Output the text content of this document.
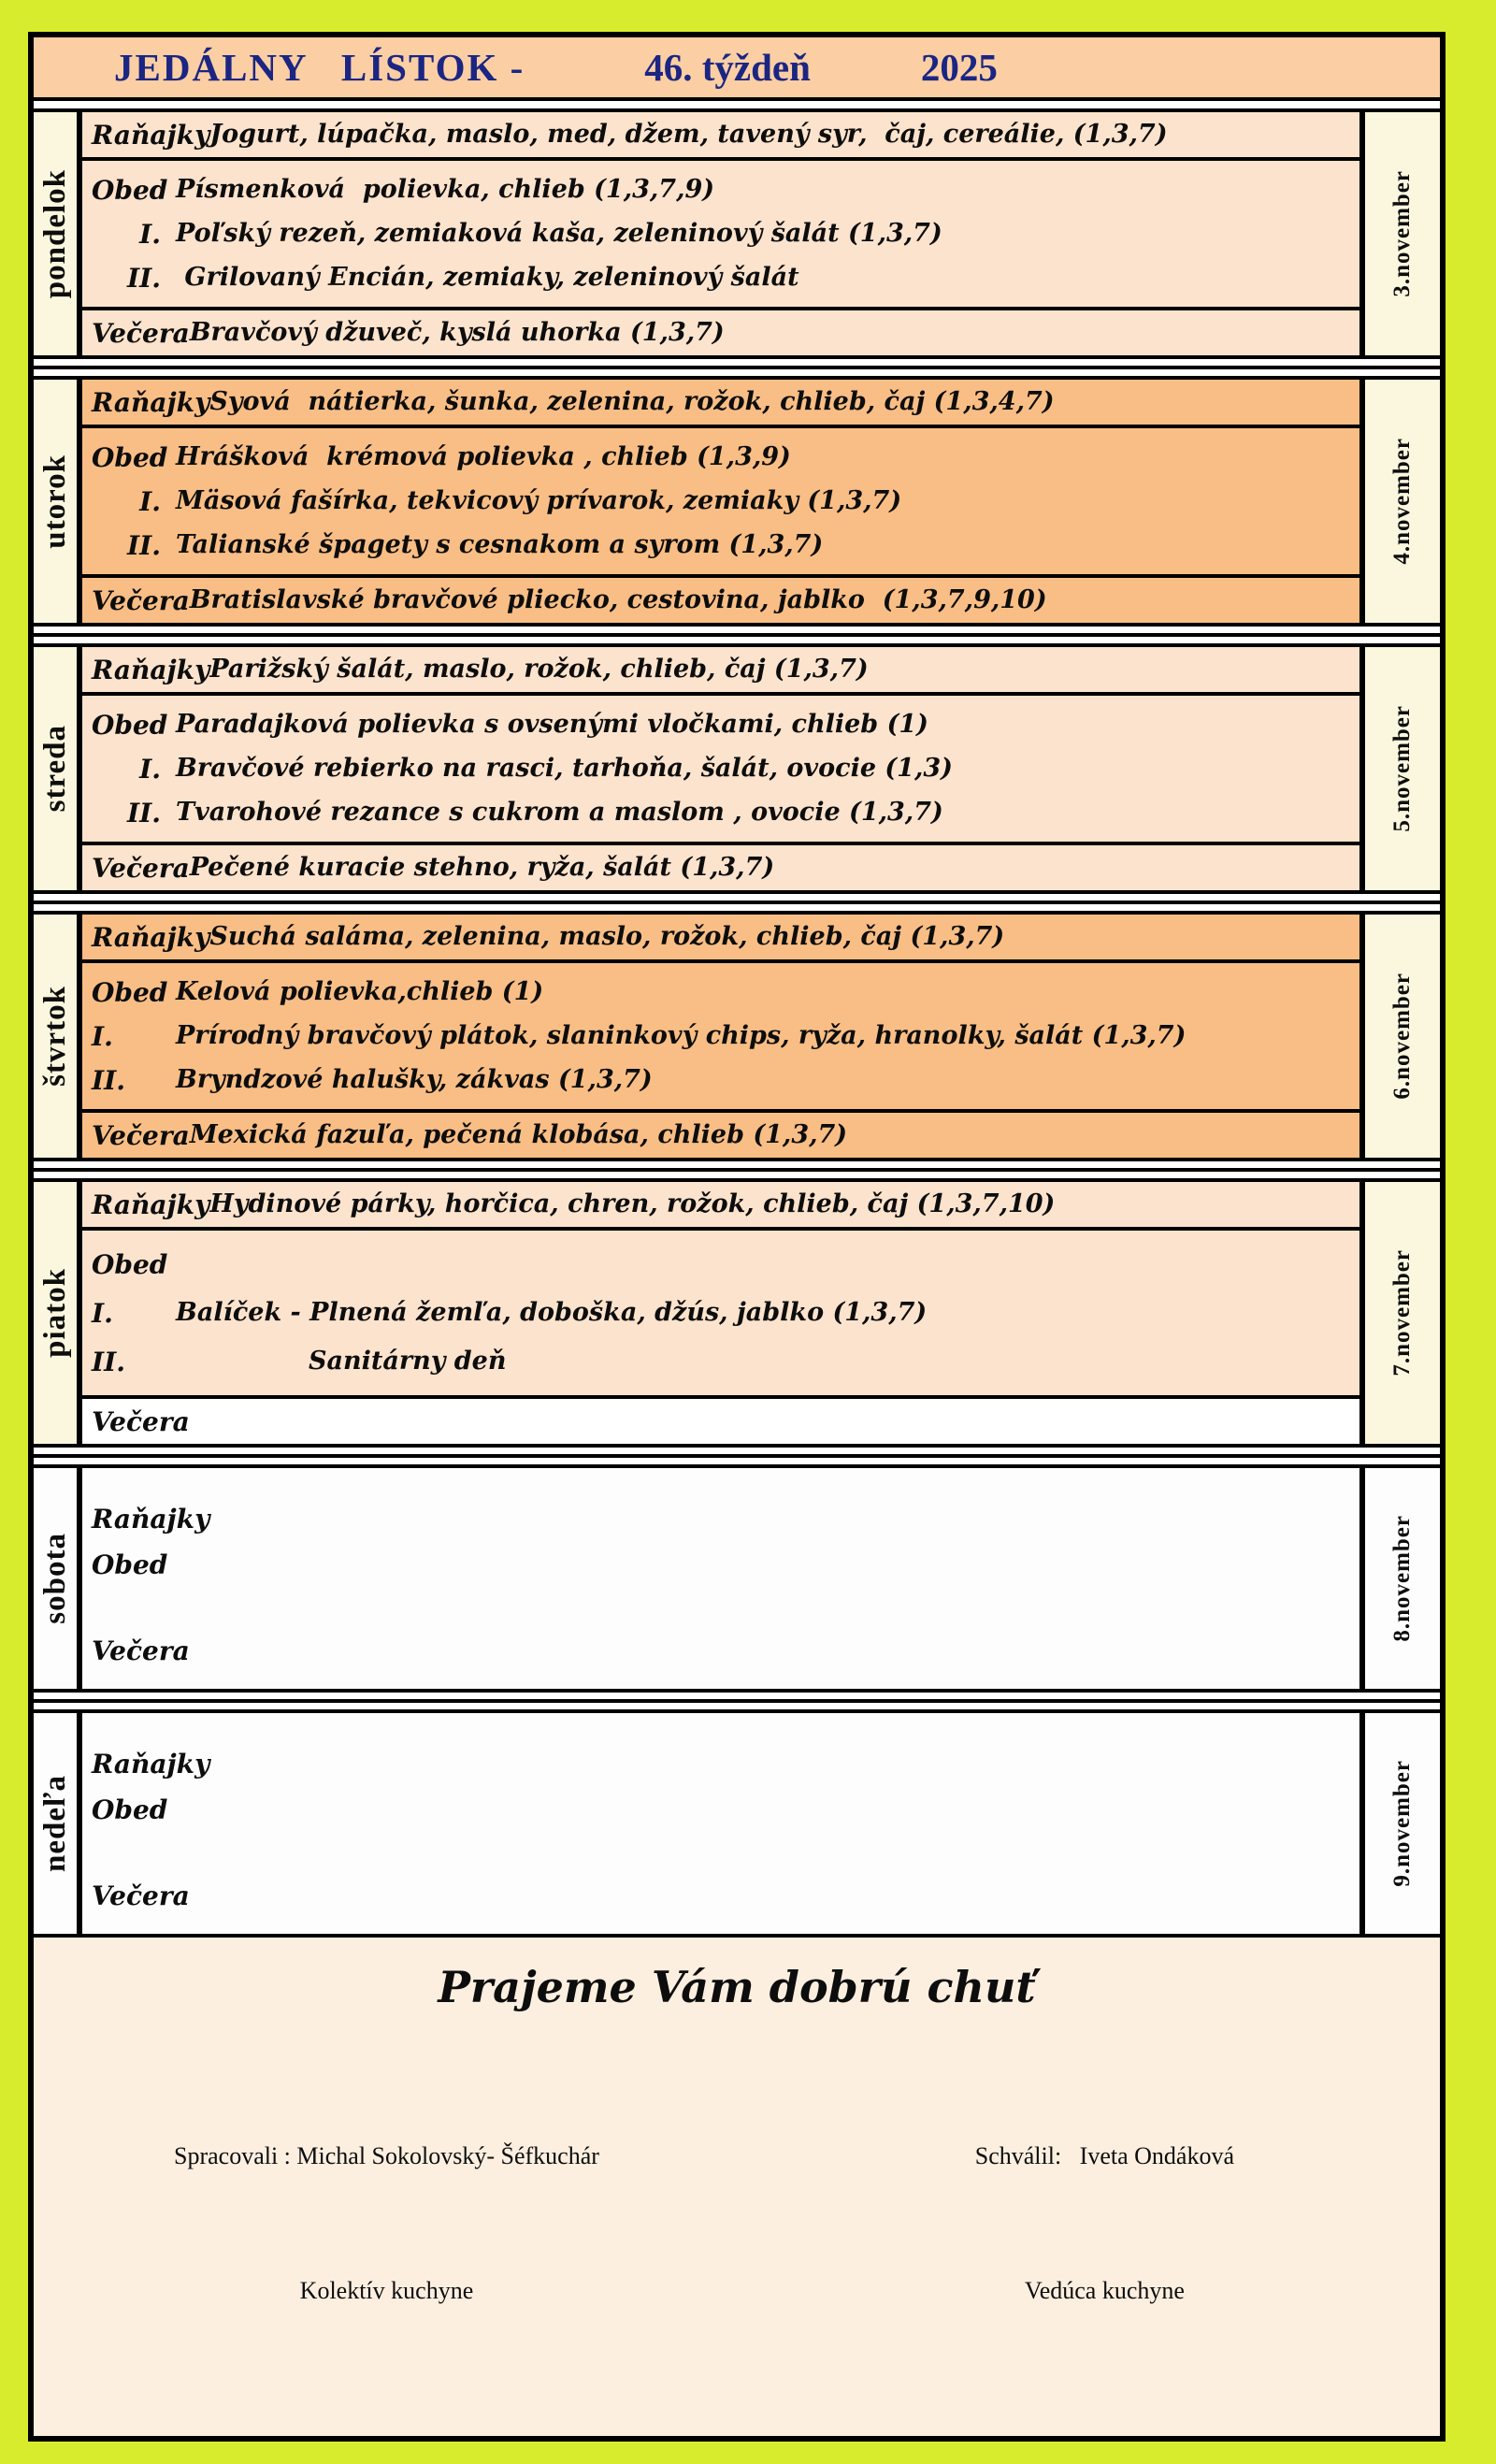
JEDÁLNY   LÍSTOK -	46. týždeň	2025
pondelok
Raňajky Jogurt, lúpačka, maslo, med, džem, tavený syr,  čaj, cereálie, (1,3,7)
Obed Písmenková  polievka, chlieb (1,3,7,9)
I. Poľský rezeň, zemiaková kaša, zeleninový šalát (1,3,7)
II. Grilovaný Encián, zemiaky, zeleninový šalát
Večera Bravčový džuveč, kyslá uhorka (1,3,7)
3.november
utorok
Raňajky Syová  nátierka, šunka, zelenina, rožok, chlieb, čaj (1,3,4,7)
Obed Hrášková  krémová polievka , chlieb (1,3,9)
I. Mäsová fašírka, tekvicový prívarok, zemiaky (1,3,7)
II. Talianské špagety s cesnakom a syrom (1,3,7)
Večera Bratislavské bravčové pliecko, cestovina, jablko  (1,3,7,9,10)
4.november
streda
Raňajky Parižský šalát, maslo, rožok, chlieb, čaj (1,3,7)
Obed Paradajková polievka s ovsenými vločkami, chlieb (1)
I. Bravčové rebierko na rasci, tarhoňa, šalát, ovocie (1,3)
II. Tvarohové rezance s cukrom a maslom , ovocie (1,3,7)
Večera Pečené kuracie stehno, ryža, šalát (1,3,7)
5.november
štvrtok
Raňajky Suchá saláma, zelenina, maslo, rožok, chlieb, čaj (1,3,7)
Obed Kelová polievka,chlieb (1)
I.	Prírodný bravčový plátok, slaninkový chips, ryža, hranolky, šalát (1,3,7)
II.	Bryndzové halušky, zákvas (1,3,7)
Večera Mexická fazuľa, pečená klobása, chlieb (1,3,7)
6.november
piatok
Raňajky Hydinové párky, horčica, chren, rožok, chlieb, čaj (1,3,7,10)
Obed
I.	Balíček - Plnená žemľa, doboška, džús, jablko (1,3,7)
II.	Sanitárny deň
Večera
7.november
sobota
Raňajky
Obed
Večera
8.november
nedeľa
Raňajky
Obed
Večera
9.november
Prajeme Vám dobrú chuť

Spracovali : Michal Sokolovský- Šéfkuchár

Kolektív kuchyne

Schválil:   Iveta Ondáková

Vedúca kuchyne
